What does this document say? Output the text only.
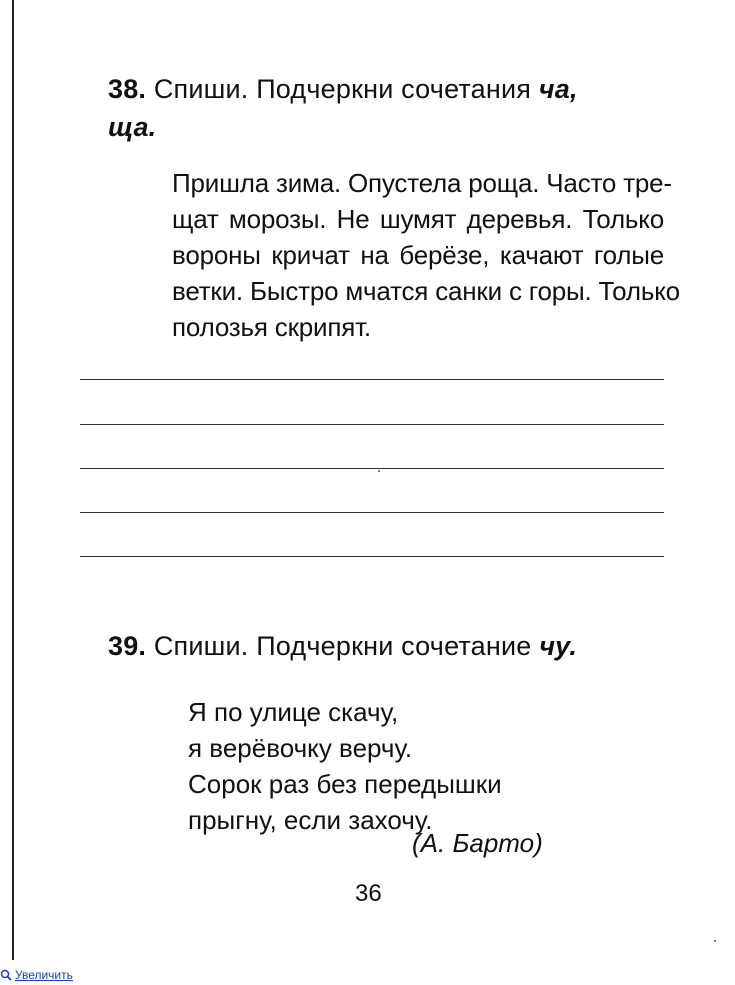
38. Спиши. Подчеркни сочетания ча,
ща.

Пришла зима. Опустела роща. Часто тре-
щат морозы. Не шумят деревья. Только
вороны кричат на берёзе, качают голые
ветки. Быстро мчатся санки с горы. Только
полозья скрипят.

39. Спиши. Подчеркни сочетание чу.

Я по улице скачу,
я верёвочку верчу.
Сорок раз без передышки
прыгну, если захочу.

(А. Барто)
36
Увеличить
